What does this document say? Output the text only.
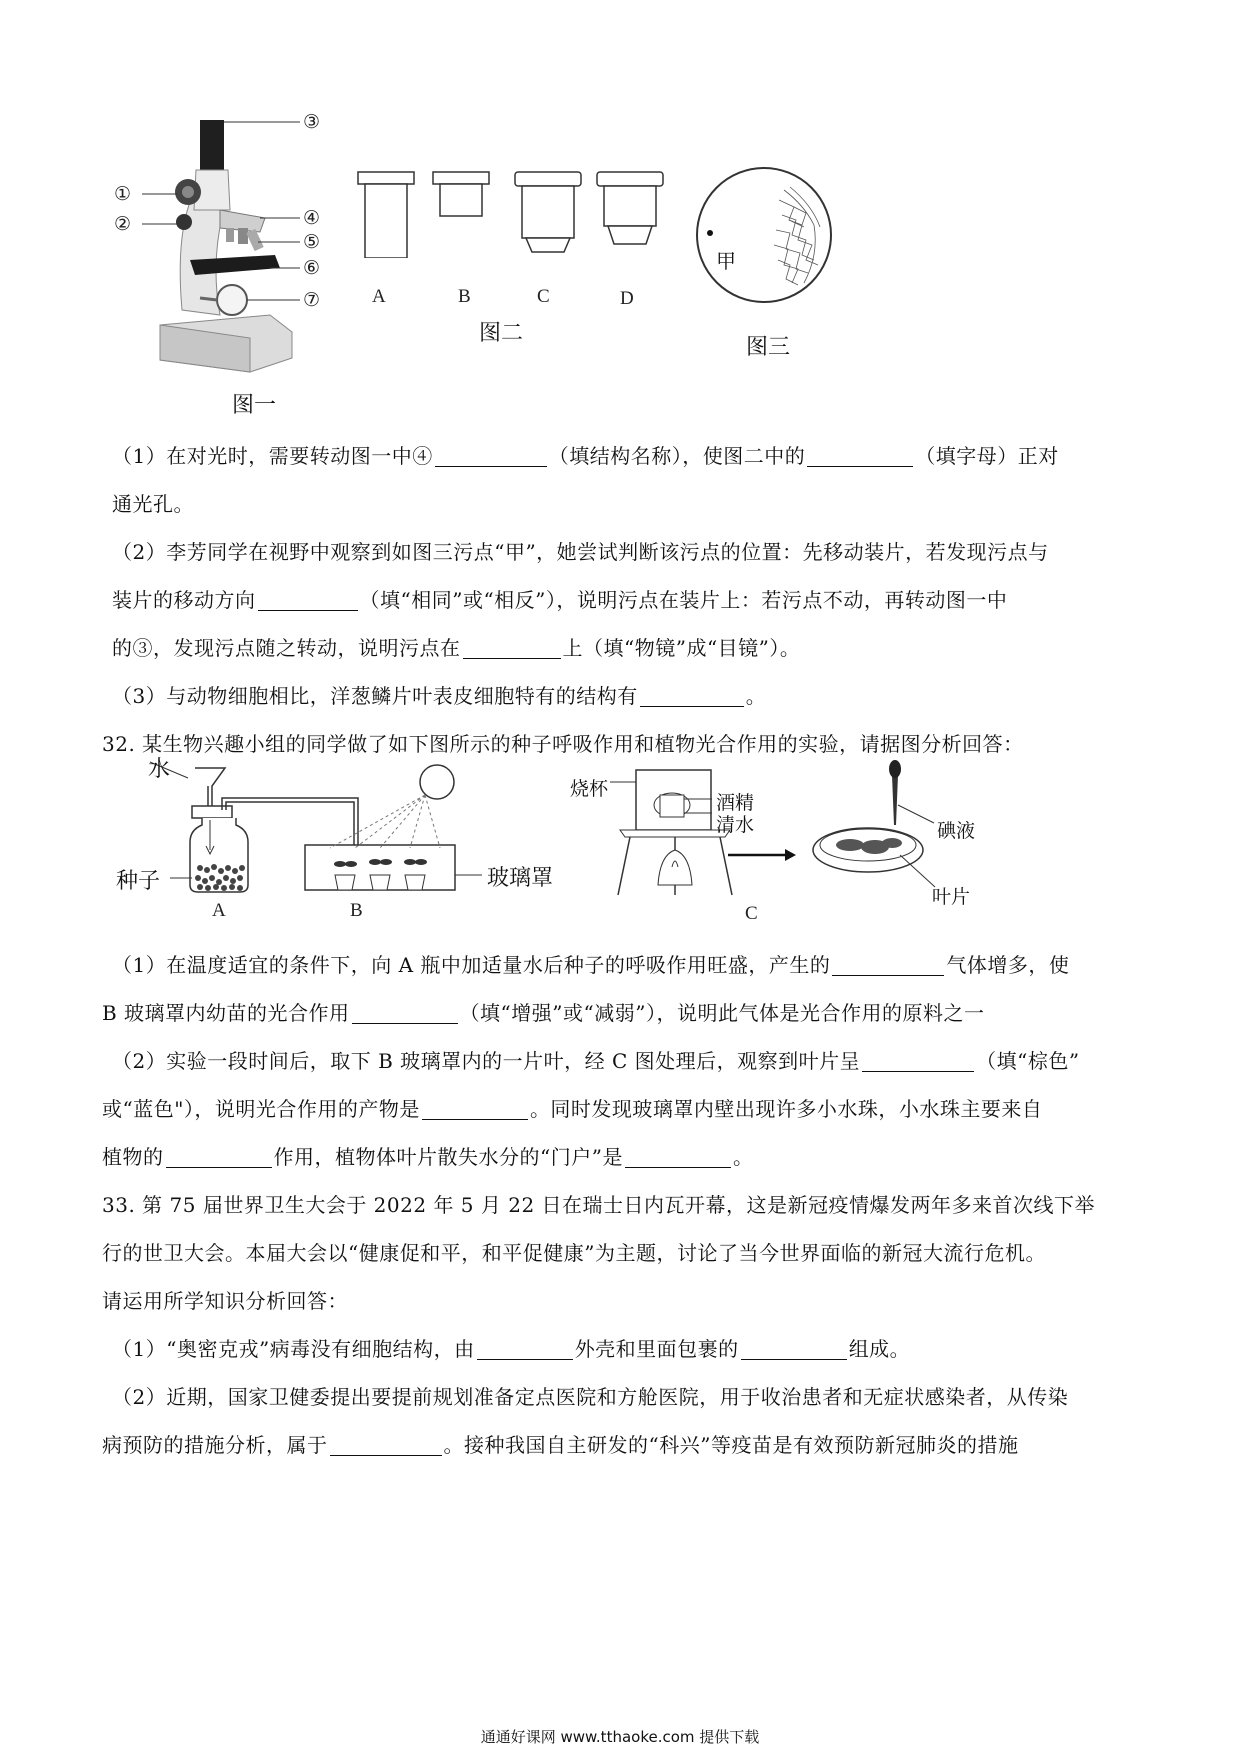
③
①
②	④
⑤
⑥
⑦
图一
A	B	C	D
图二
甲
图三

（1）在对光时，需要转动图一中④	（填结构名称），使图二中的	（填字母）正对

通光孔。

（2）李芳同学在视野中观察到如图三污点“甲”，她尝试判断该污点的位置：先移动装片，若发现污点与

装片的移动方向	（填“相同”或“相反”），说明污点在装片上：若污点不动，再转动图一中

的③，发现污点随之转动，说明污点在	上（填“物镜”成“目镜”）。

（3）与动物细胞相比，洋葱鳞片叶表皮细胞特有的结构有	。

32. 某生物兴趣小组的同学做了如下图所示的种子呼吸作用和植物光合作用的实验，请据图分析回答：

水
种子	玻璃罩
A	B
烧杯
酒精
清水	碘液
叶片
C

（1）在温度适宜的条件下，向 A 瓶中加适量水后种子的呼吸作用旺盛，产生的	气体增多，使

B 玻璃罩内幼苗的光合作用	（填“增强”或“减弱”），说明此气体是光合作用的原料之一

（2）实验一段时间后，取下 B 玻璃罩内的一片叶，经 C 图处理后，观察到叶片呈	（填“棕色”

或“蓝色"），说明光合作用的产物是	。同时发现玻璃罩内壁出现许多小水珠，小水珠主要来自

植物的	作用，植物体叶片散失水分的“门户”是	。

33. 第 75 届世界卫生大会于 2022 年 5 月 22 日在瑞士日内瓦开幕，这是新冠疫情爆发两年多来首次线下举

行的世卫大会。本届大会以“健康促和平，和平促健康”为主题，讨论了当今世界面临的新冠大流行危机。

请运用所学知识分析回答：

（1）“奥密克戎”病毒没有细胞结构，由	外壳和里面包裹的	组成。

（2）近期，国家卫健委提出要提前规划准备定点医院和方舱医院，用于收治患者和无症状感染者，从传染

病预防的措施分析，属于	。接种我国自主研发的“科兴”等疫苗是有效预防新冠肺炎的措施

通通好课网 www.tthaoke.com 提供下载
